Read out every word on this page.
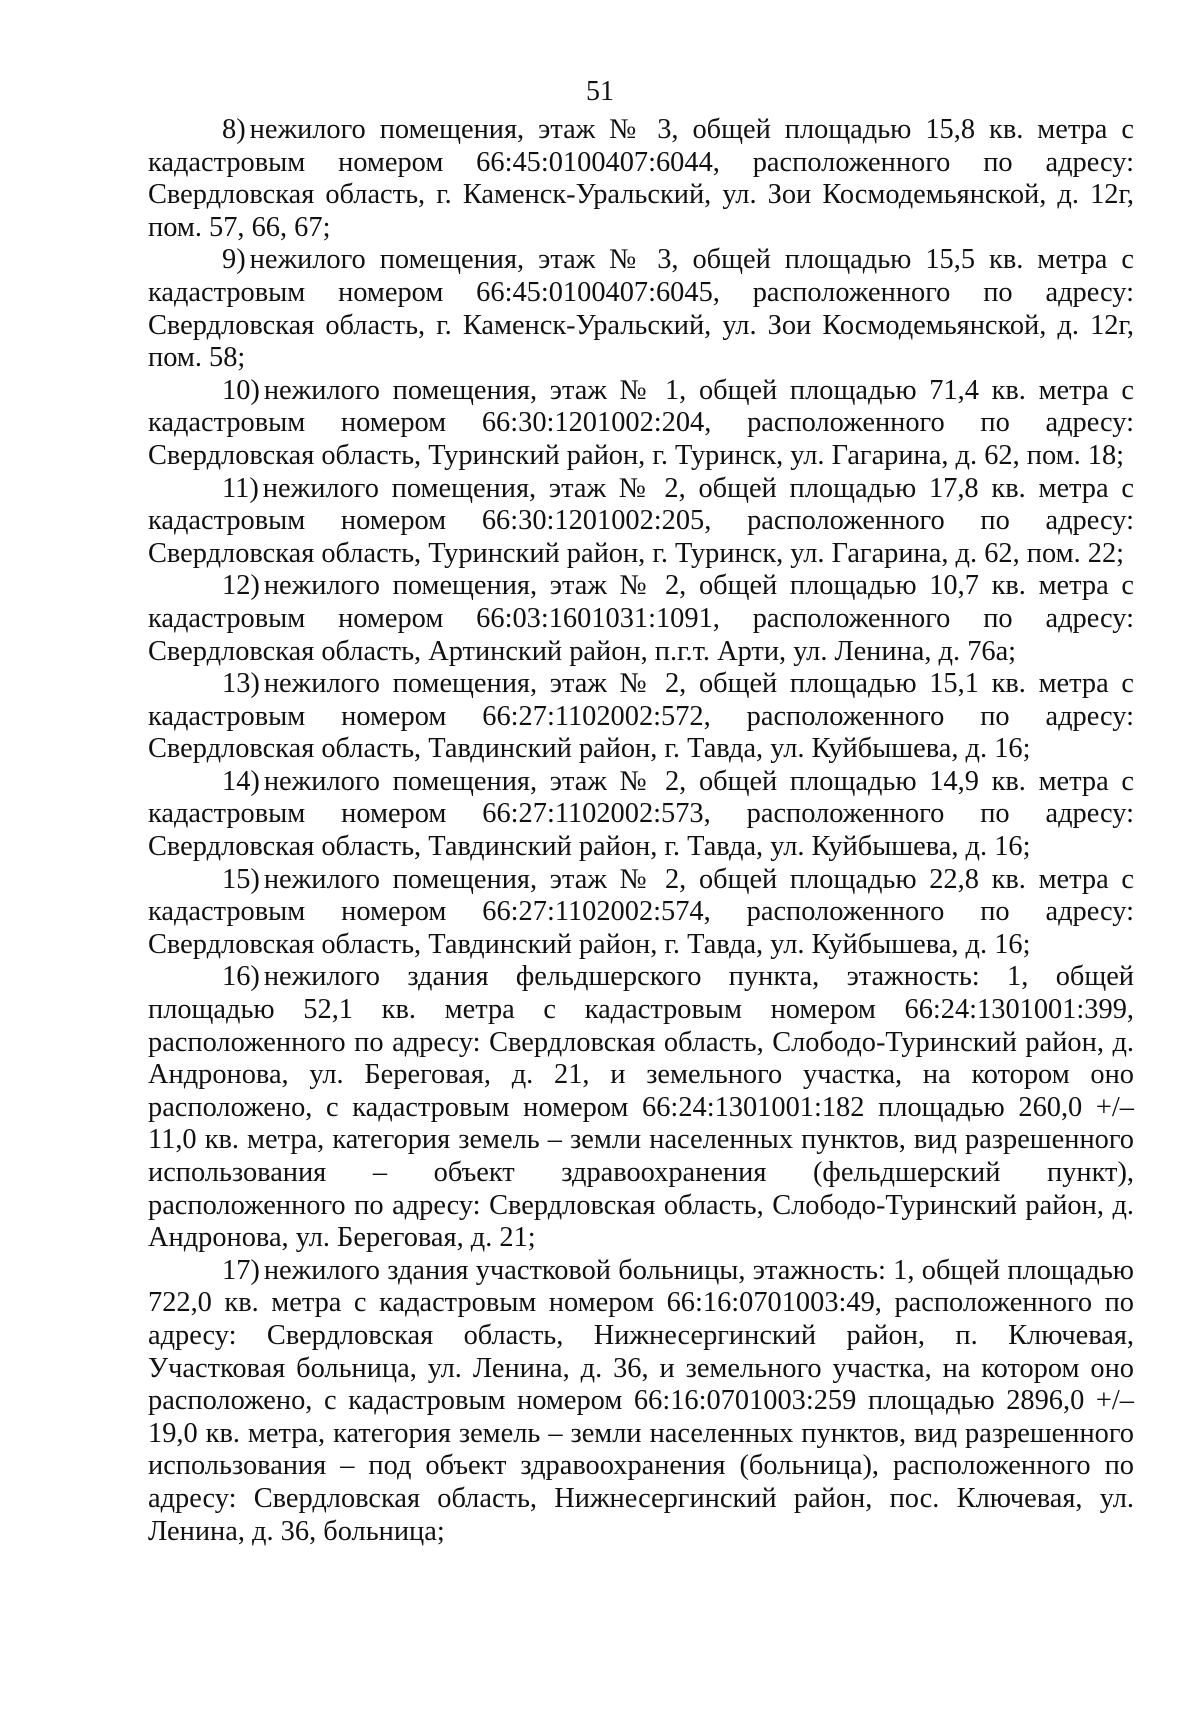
51

8) нежилого помещения, этаж № 3, общей площадью 15,8 кв. метра с кадастровым номером 66:45:0100407:6044, расположенного по адресу: Свердловская область, г. Каменск-Уральский, ул. Зои Космодемьянской, д. 12г, пом. 57, 66, 67;

9) нежилого помещения, этаж № 3, общей площадью 15,5 кв. метра с кадастровым номером 66:45:0100407:6045, расположенного по адресу: Свердловская область, г. Каменск-Уральский, ул. Зои Космодемьянской, д. 12г, пом. 58;

10) нежилого помещения, этаж № 1, общей площадью 71,4 кв. метра с кадастровым номером 66:30:1201002:204, расположенного по адресу: Свердловская область, Туринский район, г. Туринск, ул. Гагарина, д. 62, пом. 18;

11) нежилого помещения, этаж № 2, общей площадью 17,8 кв. метра с кадастровым номером 66:30:1201002:205, расположенного по адресу: Свердловская область, Туринский район, г. Туринск, ул. Гагарина, д. 62, пом. 22;

12) нежилого помещения, этаж № 2, общей площадью 10,7 кв. метра с кадастровым номером 66:03:1601031:1091, расположенного по адресу: Свердловская область, Артинский район, п.г.т. Арти, ул. Ленина, д. 76а;

13) нежилого помещения, этаж № 2, общей площадью 15,1 кв. метра с кадастровым номером 66:27:1102002:572, расположенного по адресу: Свердловская область, Тавдинский район, г. Тавда, ул. Куйбышева, д. 16;

14) нежилого помещения, этаж № 2, общей площадью 14,9 кв. метра с кадастровым номером 66:27:1102002:573, расположенного по адресу: Свердловская область, Тавдинский район, г. Тавда, ул. Куйбышева, д. 16;

15) нежилого помещения, этаж № 2, общей площадью 22,8 кв. метра с кадастровым номером 66:27:1102002:574, расположенного по адресу: Свердловская область, Тавдинский район, г. Тавда, ул. Куйбышева, д. 16;

16) нежилого здания фельдшерского пункта, этажность: 1, общей площадью 52,1 кв. метра с кадастровым номером 66:24:1301001:399, расположенного по адресу: Свердловская область, Слободо-Туринский район, д. Андронова, ул. Береговая, д. 21, и земельного участка, на котором оно расположено, с кадастровым номером 66:24:1301001:182 площадью 260,0 +/– 11,0 кв. метра, категория земель – земли населенных пунктов, вид разрешенного использования – объект здравоохранения (фельдшерский пункт), расположенного по адресу: Свердловская область, Слободо-Туринский район, д. Андронова, ул. Береговая, д. 21;

17) нежилого здания участковой больницы, этажность: 1, общей площадью 722,0 кв. метра с кадастровым номером 66:16:0701003:49, расположенного по адресу: Свердловская область, Нижнесергинский район, п. Ключевая, Участковая больница, ул. Ленина, д. 36, и земельного участка, на котором оно расположено, с кадастровым номером 66:16:0701003:259 площадью 2896,0 +/– 19,0 кв. метра, категория земель – земли населенных пунктов, вид разрешенного использования – под объект здравоохранения (больница), расположенного по адресу: Свердловская область, Нижнесергинский район, пос. Ключевая, ул. Ленина, д. 36, больница;
